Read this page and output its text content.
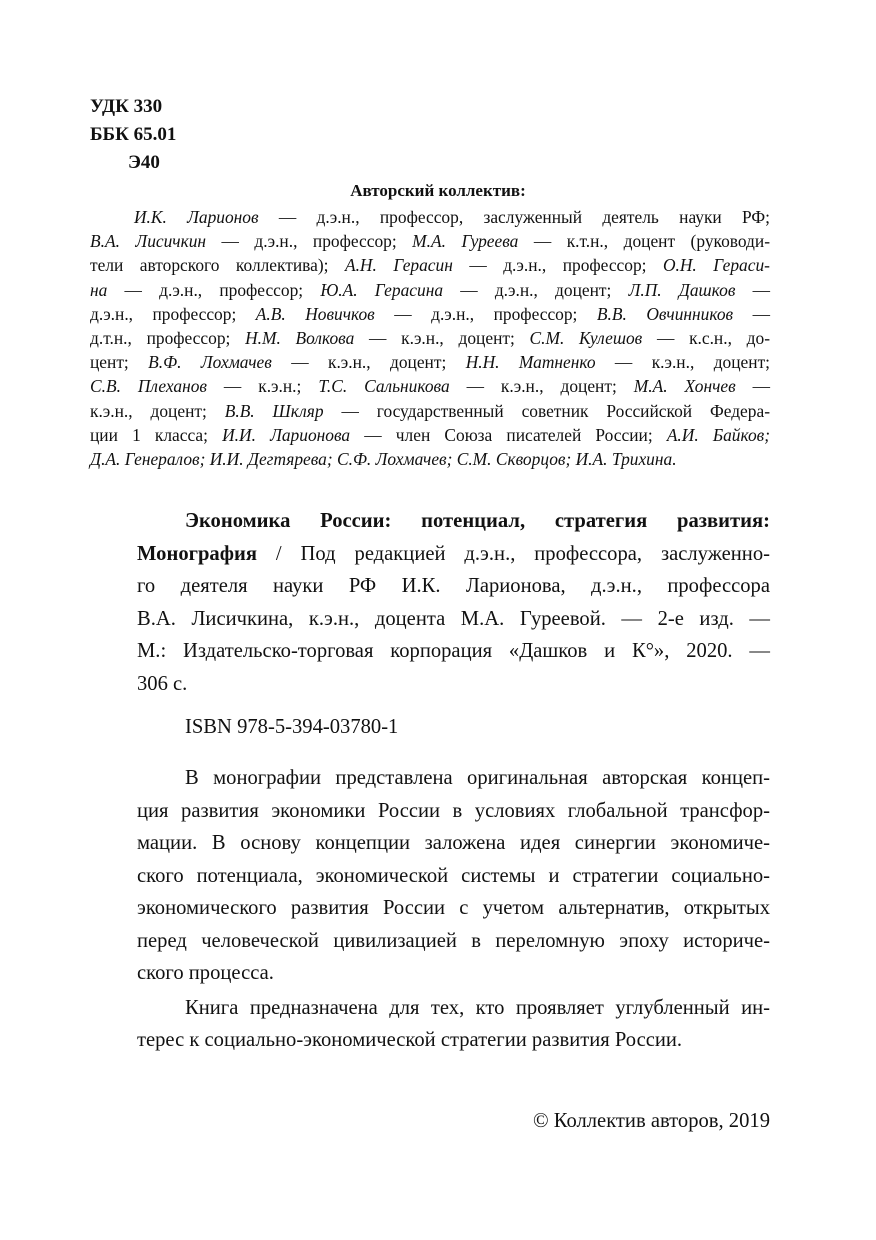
УДК 330
ББК 65.01
Э40
Авторский коллектив:
И.К. Ларионов — д.э.н., профессор, заслуженный деятель науки РФ;
В.А. Лисичкин — д.э.н., профессор; М.А. Гуреева — к.т.н., доцент (руководи-
тели авторского коллектива); А.Н. Герасин — д.э.н., профессор; О.Н. Гераси-
на — д.э.н., профессор; Ю.А. Герасина — д.э.н., доцент; Л.П. Дашков —
д.э.н., профессор; А.В. Новичков — д.э.н., профессор; В.В. Овчинников —
д.т.н., профессор; Н.М. Волкова — к.э.н., доцент; С.М. Кулешов — к.с.н., до-
цент; В.Ф. Лохмачев — к.э.н., доцент; Н.Н. Матненко — к.э.н., доцент;
С.В. Плеханов — к.э.н.; Т.С. Сальникова — к.э.н., доцент; М.А. Хончев —
к.э.н., доцент; В.В. Шкляр — государственный советник Российской Федера-
ции 1 класса; И.И. Ларионова — член Союза писателей России; А.И. Байков;
Д.А. Генералов; И.И. Дегтярева; С.Ф. Лохмачев; С.М. Скворцов; И.А. Трихина.
Экономика России: потенциал, стратегия развития:
Монография / Под редакцией д.э.н., профессора, заслуженно-
го деятеля науки РФ И.К. Ларионова, д.э.н., профессора
В.А. Лисичкина, к.э.н., доцента М.А. Гуреевой. — 2-е изд. —
М.: Издательско-торговая корпорация «Дашков и К°», 2020. —
306 с.
ISBN 978-5-394-03780-1
В монографии представлена оригинальная авторская концеп-
ция развития экономики России в условиях глобальной трансфор-
мации. В основу концепции заложена идея синергии экономиче-
ского потенциала, экономической системы и стратегии социально-
экономического развития России с учетом альтернатив, открытых
перед человеческой цивилизацией в переломную эпоху историче-
ского процесса.
Книга предназначена для тех, кто проявляет углубленный ин-
терес к социально-экономической стратегии развития России.
© Коллектив авторов, 2019
